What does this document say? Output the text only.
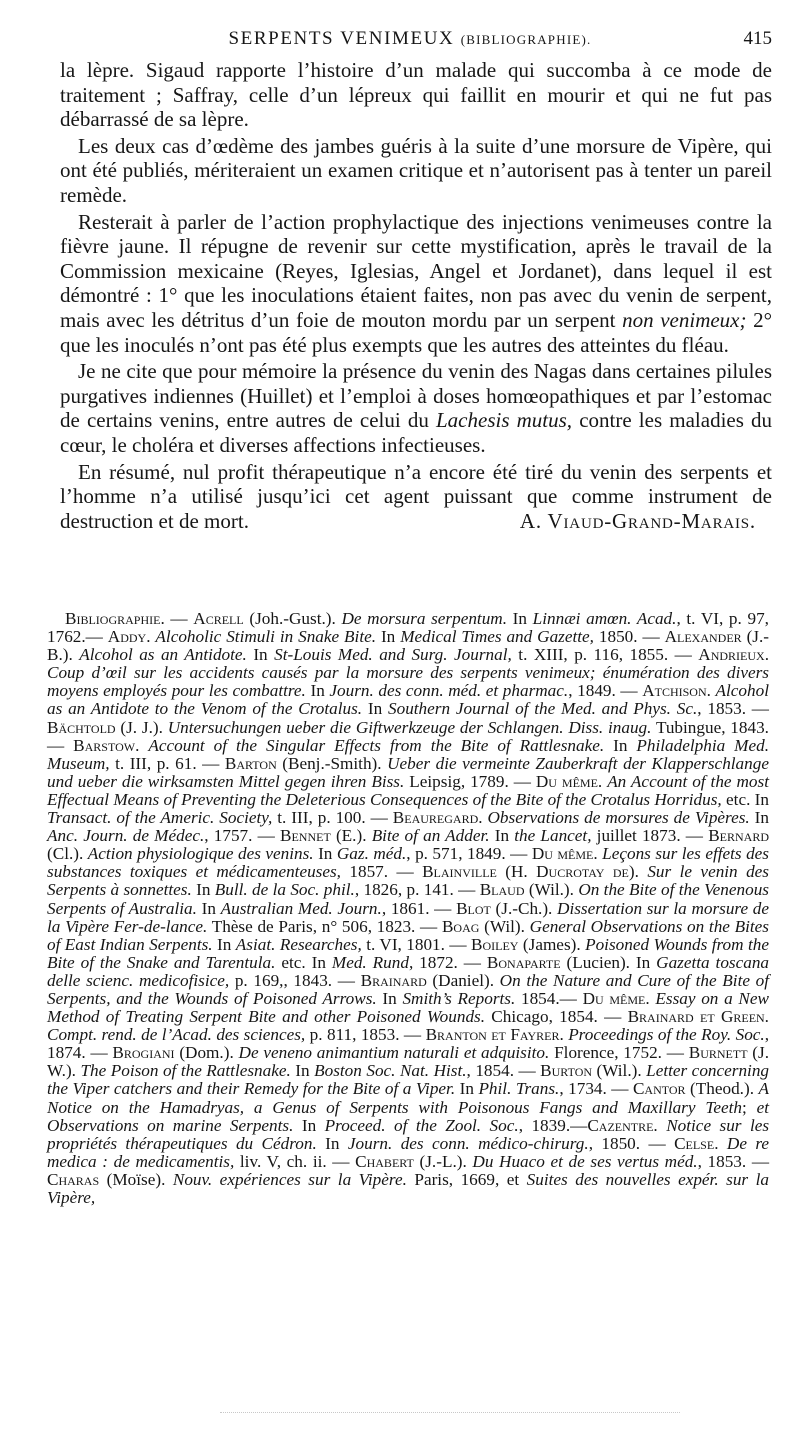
SERPENTS VENIMEUX (BIBLIOGRAPHIE).	415

la lèpre. Sigaud rapporte l’histoire d’un malade qui succomba à ce mode de traitement ; Saffray, celle d’un lépreux qui faillit en mourir et qui ne fut pas débarrassé de sa lèpre.

Les deux cas d’œdème des jambes guéris à la suite d’une morsure de Vipère, qui ont été publiés, mériteraient un examen critique et n’autorisent pas à tenter un pareil remède.

Resterait à parler de l’action prophylactique des injections venimeuses contre la fièvre jaune. Il répugne de revenir sur cette mystification, après le travail de la Commission mexicaine (Reyes, Iglesias, Angel et Jordanet), dans lequel il est démontré : 1° que les inoculations étaient faites, non pas avec du venin de serpent, mais avec les détritus d’un foie de mouton mordu par un serpent non venimeux; 2° que les inoculés n’ont pas été plus exempts que les autres des atteintes du fléau.

Je ne cite que pour mémoire la présence du venin des Nagas dans certaines pilules purgatives indiennes (Huillet) et l’emploi à doses homœopathiques et par l’estomac de certains venins, entre autres de celui du Lachesis mutus, contre les maladies du cœur, le choléra et diverses affections infectieuses.

En résumé, nul profit thérapeutique n’a encore été tiré du venin des serpents et l’homme n’a utilisé jusqu’ici cet agent puissant que comme instrument de destruction et de mort.	A. Viaud-Grand-Marais.

Bibliographie. — Acrell (Joh.-Gust.). De morsura serpentum. In Linnæi amœn. Acad., t. VI, p. 97, 1762.— Addy. Alcoholic Stimuli in Snake Bite. In Medical Times and Gazette, 1850. — Alexander (J.-B.). Alcohol as an Antidote. In St-Louis Med. and Surg. Journal, t. XIII, p. 116, 1855. — Andrieux. Coup d’œil sur les accidents causés par la morsure des serpents venimeux; énumération des divers moyens employés pour les combattre. In Journ. des conn. méd. et pharmac., 1849. — Atchison. Alcohol as an Antidote to the Venom of the Crotalus. In Southern Journal of the Med. and Phys. Sc., 1853. — Bächtold (J. J.). Untersuchungen ueber die Giftwerkzeuge der Schlangen. Diss. inaug. Tubingue, 1843. — Barstow. Account of the Singular Effects from the Bite of Rattlesnake. In Philadelphia Med. Museum, t. III, p. 61. — Barton (Benj.-Smith). Ueber die vermeinte Zauberkraft der Klapperschlange und ueber die wirksamsten Mittel gegen ihren Biss. Leipsig, 1789. — Du même. An Account of the most Effectual Means of Preventing the Deleterious Consequences of the Bite of the Crotalus Horridus, etc. In Transact. of the Americ. Society, t. III, p. 100. — Beauregard. Observations de morsures de Vipères. In Anc. Journ. de Médec., 1757. — Bennet (E.). Bite of an Adder. In the Lancet, juillet 1873. — Bernard (Cl.). Action physiologique des venins. In Gaz. méd., p. 571, 1849. — Du même. Leçons sur les effets des substances toxiques et médicamenteuses, 1857. — Blainville (H. Ducrotay de). Sur le venin des Serpents à sonnettes. In Bull. de la Soc. phil., 1826, p. 141. — Blaud (Wil.). On the Bite of the Venenous Serpents of Australia. In Australian Med. Journ., 1861. — Blot (J.-Ch.). Dissertation sur la morsure de la Vipère Fer-de-lance. Thèse de Paris, n° 506, 1823. — Boag (Wil). General Observations on the Bites of East Indian Serpents. In Asiat. Researches, t. VI, 1801. — Boiley (James). Poisoned Wounds from the Bite of the Snake and Tarentula. etc. In Med. Rund, 1872. — Bonaparte (Lucien). In Gazetta toscana delle scienc. medicofisice, p. 169,, 1843. — Brainard (Daniel). On the Nature and Cure of the Bite of Serpents, and the Wounds of Poisoned Arrows. In Smith’s Reports. 1854.— Du même. Essay on a New Method of Treating Serpent Bite and other Poisoned Wounds. Chicago, 1854. — Brainard et Green. Compt. rend. de l’Acad. des sciences, p. 811, 1853. — Branton et Fayrer. Proceedings of the Roy. Soc., 1874. — Brogiani (Dom.). De veneno animantium naturali et adquisito. Florence, 1752. — Burnett (J. W.). The Poison of the Rattlesnake. In Boston Soc. Nat. Hist., 1854. — Burton (Wil.). Letter concerning the Viper catchers and their Remedy for the Bite of a Viper. In Phil. Trans., 1734. — Cantor (Theod.). A Notice on the Hamadryas, a Genus of Serpents with Poisonous Fangs and Maxillary Teeth; et Observations on marine Serpents. In Proceed. of the Zool. Soc., 1839.—Cazentre. Notice sur les propriétés thérapeutiques du Cédron. In Journ. des conn. médico-chirurg., 1850. — Celse. De re medica : de medicamentis, liv. V, ch. ii. — Chabert (J.-L.). Du Huaco et de ses vertus méd., 1853. — Charas (Moïse). Nouv. expériences sur la Vipère. Paris, 1669, et Suites des nouvelles expér. sur la Vipère,
